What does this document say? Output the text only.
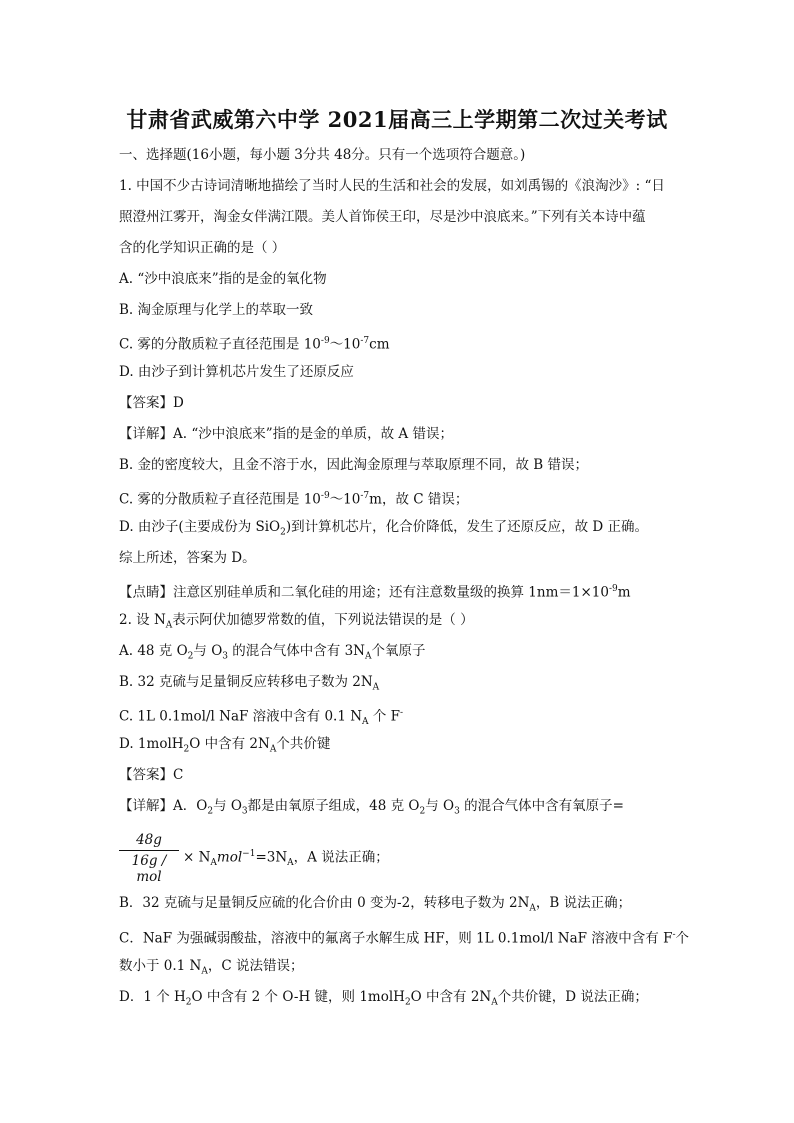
甘肃省武威第六中学 2021届高三上学期第二次过关考试
一、选择题(16小题，每小题 3分共 48分。只有一个选项符合题意。)
1. 中国不少古诗词清晰地描绘了当时人民的生活和社会的发展，如刘禹锡的《浪淘沙》: “日
照澄州江雾开，淘金女伴满江隈。美人首饰侯王印，尽是沙中浪底来。”下列有关本诗中蕴
含的化学知识正确的是（ ）
A. “沙中浪底来”指的是金的氧化物
B. 淘金原理与化学上的萃取一致
C. 雾的分散质粒子直径范围是 $10^{-9}\sim 10^{-7}cm$
D. 由沙子到计算机芯片发生了还原反应
【答案】D
【详解】A. “沙中浪底来”指的是金的单质，故 A 错误；
B. 金的密度较大，且金不溶于水，因此淘金原理与萃取原理不同，故 B 错误；
C. 雾的分散质粒子直径范围是 $10^{-9}\sim 10^{-7}m$，故 C 错误；
D. 由沙子(主要成份为 SiO$_2$)到计算机芯片，化合价降低，发生了还原反应，故 D 正确。
综上所述，答案为 D。
【点睛】注意区别硅单质和二氧化硅的用途；还有注意数量级的换算 $1nm=1\times 10^{-9}m$
2. 设 $N_A$表示阿伏加德罗常数的值，下列说法错误的是（ ）
A. 48 克 $O_2$与 $O_3$ 的混合气体中含有 $3N_A$个氧原子
B. 32 克硫与足量铜反应转移电子数为 $2N_A$
C. 1L 0.1mol/l NaF 溶液中含有 0.1 $N_A$ 个 F-
D. 1molH$_2$O 中含有 $2N_A$个共价键
【答案】C
【详解】A．$O_2$与 $O_3$都是由氧原子组成，48 克 $O_2$与 $O_3$ 的混合气体中含有氧原子=
48g
16g / mol
× $N_Amol^{-1}=3N_A$，A 说法正确；
B．32 克硫与足量铜反应硫的化合价由 0 变为-2，转移电子数为 $2N_A$，B 说法正确；
C．NaF 为强碱弱酸盐，溶液中的氟离子水解生成 HF，则 1L 0.1mol/l NaF 溶液中含有 F-个
数小于 0.1 $N_A$，C 说法错误；
D．1 个 $H_2O$ 中含有 2 个 O-H 键，则 1molH$_2$O 中含有 $2N_A$个共价键，D 说法正确；
